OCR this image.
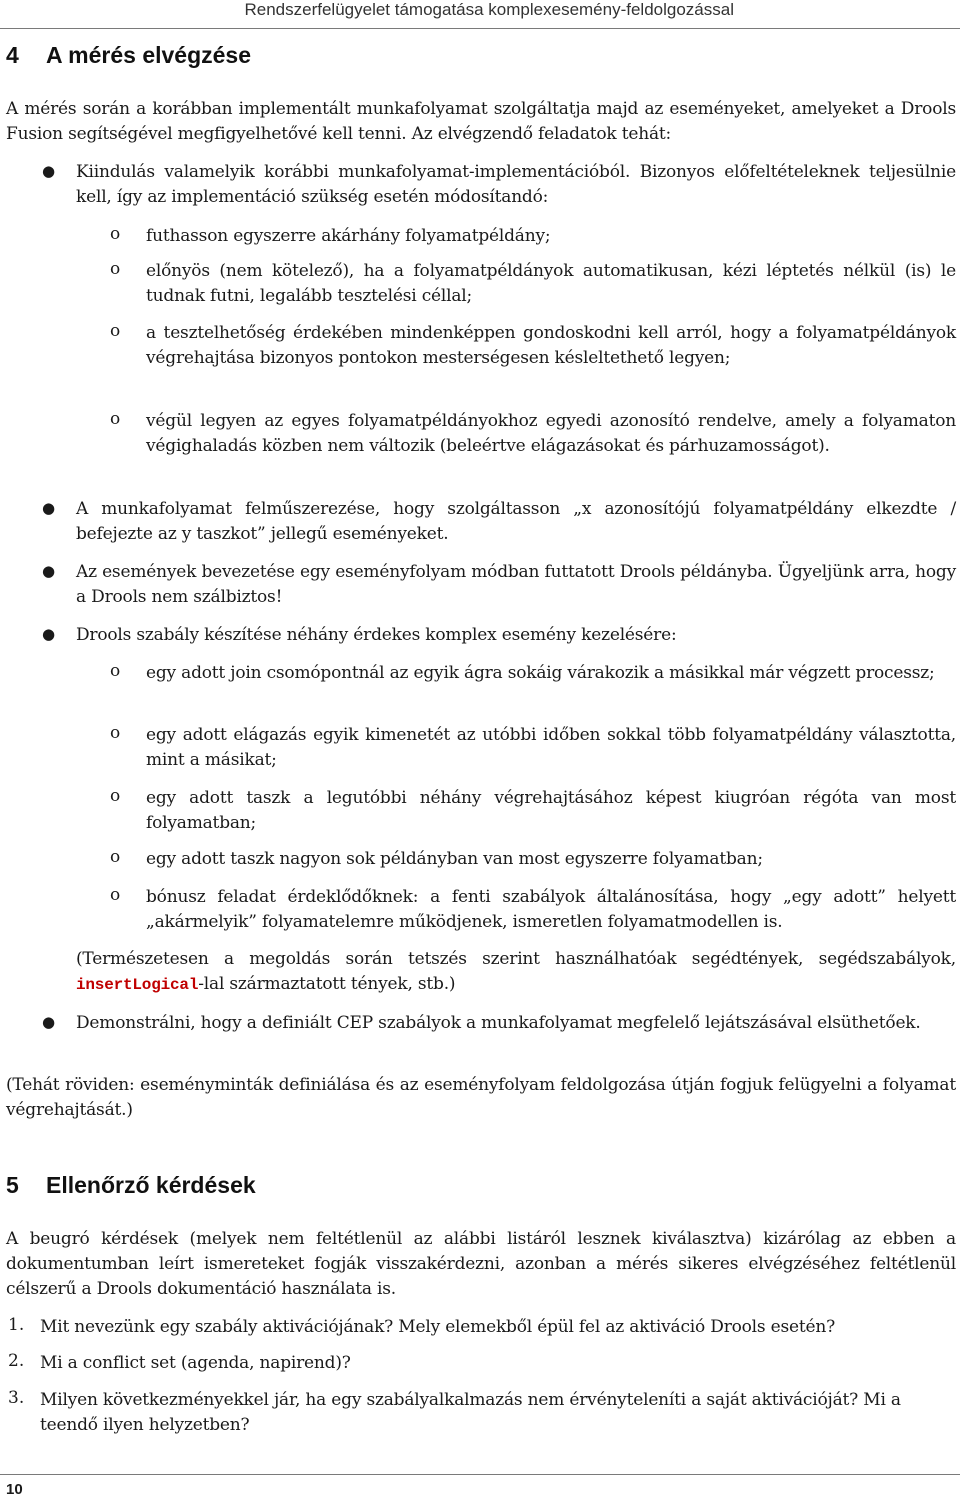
Rendszerfelügyelet támogatása komplexesemény-feldolgozással
4 A mérés elvégzése
A mérés során a korábban implementált munkafolyamat szolgáltatja majd az eseményeket, amelyeket a Drools Fusion segítségével megfigyelhetővé kell tenni. Az elvégzendő feladatok tehát:
● Kiindulás valamelyik korábbi munkafolyamat-implementációból. Bizonyos előfeltételeknek teljesülnie kell, így az implementáció szükség esetén módosítandó:
o futhasson egyszerre akárhány folyamatpéldány;
o előnyös (nem kötelező), ha a folyamatpéldányok automatikusan, kézi léptetés nélkül (is) le tudnak futni, legalább tesztelési céllal;
o a tesztelhetőség érdekében mindenképpen gondoskodni kell arról, hogy a folyamatpéldányok végrehajtása bizonyos pontokon mesterségesen késleltethető legyen;
o végül legyen az egyes folyamatpéldányokhoz egyedi azonosító rendelve, amely a folyamaton végighaladás közben nem változik (beleértve elágazásokat és párhuzamosságot).
● A munkafolyamat felműszerezése, hogy szolgáltasson „x azonosítójú folyamatpéldány elkezdte / befejezte az y taszkot” jellegű eseményeket.
● Az események bevezetése egy eseményfolyam módban futtatott Drools példányba. Ügyeljünk arra, hogy a Drools nem szálbiztos!
● Drools szabály készítése néhány érdekes komplex esemény kezelésére:
o egy adott join csomópontnál az egyik ágra sokáig várakozik a másikkal már végzett processz;
o egy adott elágazás egyik kimenetét az utóbbi időben sokkal több folyamatpéldány választotta, mint a másikat;
o egy adott taszk a legutóbbi néhány végrehajtásához képest kiugróan régóta van most folyamatban;
o egy adott taszk nagyon sok példányban van most egyszerre folyamatban;
o bónusz feladat érdeklődőknek: a fenti szabályok általánosítása, hogy „egy adott” helyett „akármelyik” folyamatelemre működjenek, ismeretlen folyamatmodellen is.
(Természetesen a megoldás során tetszés szerint használhatóak segédtények, segédszabályok, insertLogical-lal származtatott tények, stb.)
● Demonstrálni, hogy a definiált CEP szabályok a munkafolyamat megfelelő lejátszásával elsüthetőek.
(Tehát röviden: eseményminták definiálása és az eseményfolyam feldolgozása útján fogjuk felügyelni a folyamat végrehajtását.)
5 Ellenőrző kérdések
A beugró kérdések (melyek nem feltétlenül az alábbi listáról lesznek kiválasztva) kizárólag az ebben a dokumentumban leírt ismereteket fogják visszakérdezni, azonban a mérés sikeres elvégzéséhez feltétlenül célszerű a Drools dokumentáció használata is.
1. Mit nevezünk egy szabály aktivációjának? Mely elemekből épül fel az aktiváció Drools esetén?
2. Mi a conflict set (agenda, napirend)?
3. Milyen következményekkel jár, ha egy szabályalkalmazás nem érvényteleníti a saját aktivációját? Mi a teendő ilyen helyzetben?
10
